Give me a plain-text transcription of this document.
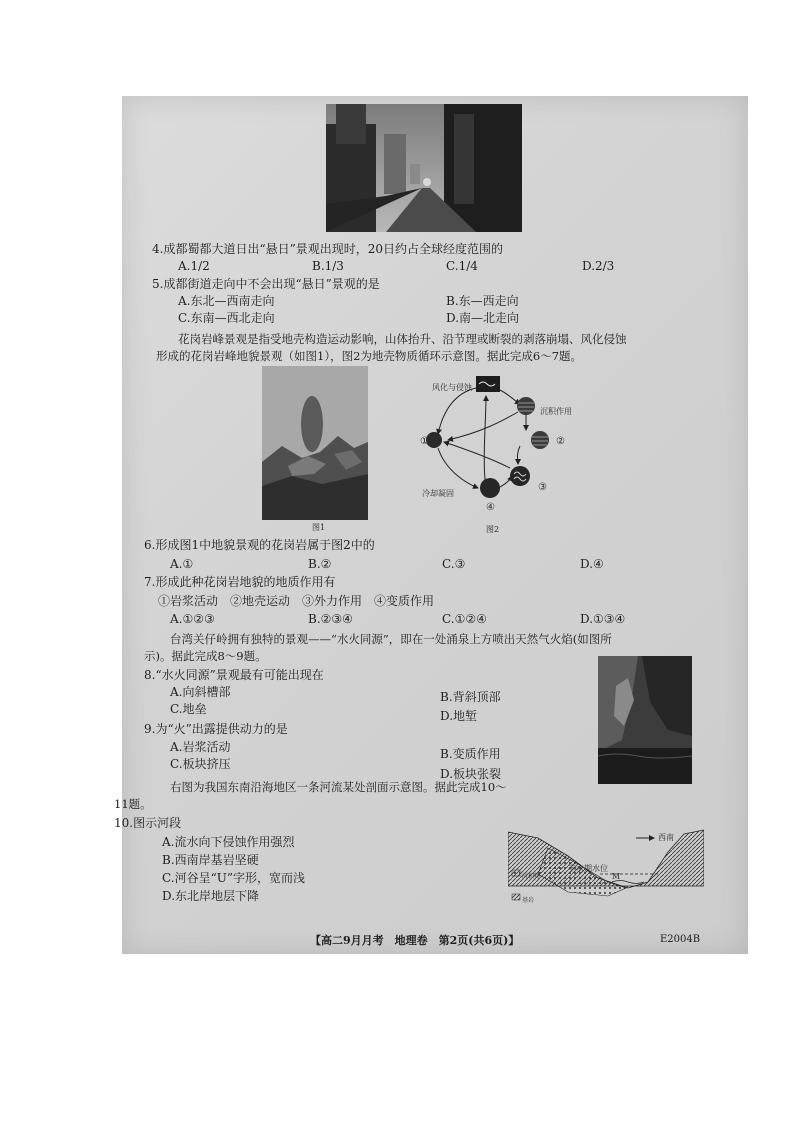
4.成都蜀都大道日出“悬日”景观出现时，20日约占全球经度范围的
A.1/2	B.1/3	C.1/4	D.2/3
5.成都街道走向中不会出现“悬日”景观的是
A.东北—西南走向	B.东—西走向
C.东南—西北走向	D.南—北走向
花岗岩峰景观是指受地壳构造运动影响，山体抬升、沿节理或断裂的剥落崩塌、风化侵蚀
形成的花岗岩峰地貌景观（如图1），图2为地壳物质循环示意图。据此完成6～7题。
图1
风化与侵蚀
沉积作用
冷却凝固
①	②
③
④
图2
6.形成图1中地貌景观的花岗岩属于图2中的
A.①	B.②	C.③	D.④
7.形成此种花岗岩地貌的地质作用有
①岩浆活动　②地壳运动　③外力作用　④变质作用
A.①②③	B.②③④	C.①②④	D.①③④
台湾关仔岭拥有独特的景观——“水火同源”，即在一处涌泉上方喷出天然气火焰(如图所
示)。据此完成8～9题。
8.“水火同源”景观最有可能出现在
A.向斜槽部	B.背斜顶部
C.地垒	D.地堑
9.为“火”出露提供动力的是
A.岩浆活动	B.变质作用
C.板块挤压
D.板块张裂
右图为我国东南沿海地区一条河流某处剖面示意图。据此完成10～
11题。
10.图示河段
A.流水向下侵蚀作用强烈
B.西南岸基岩坚硬
C.河谷呈“U”字形，宽而浅
D.东北岸地层下降
西南
丰水期水位
沉积物
基岩
M
【高二9月月考　地理卷　第2页(共6页)】	E2004B
